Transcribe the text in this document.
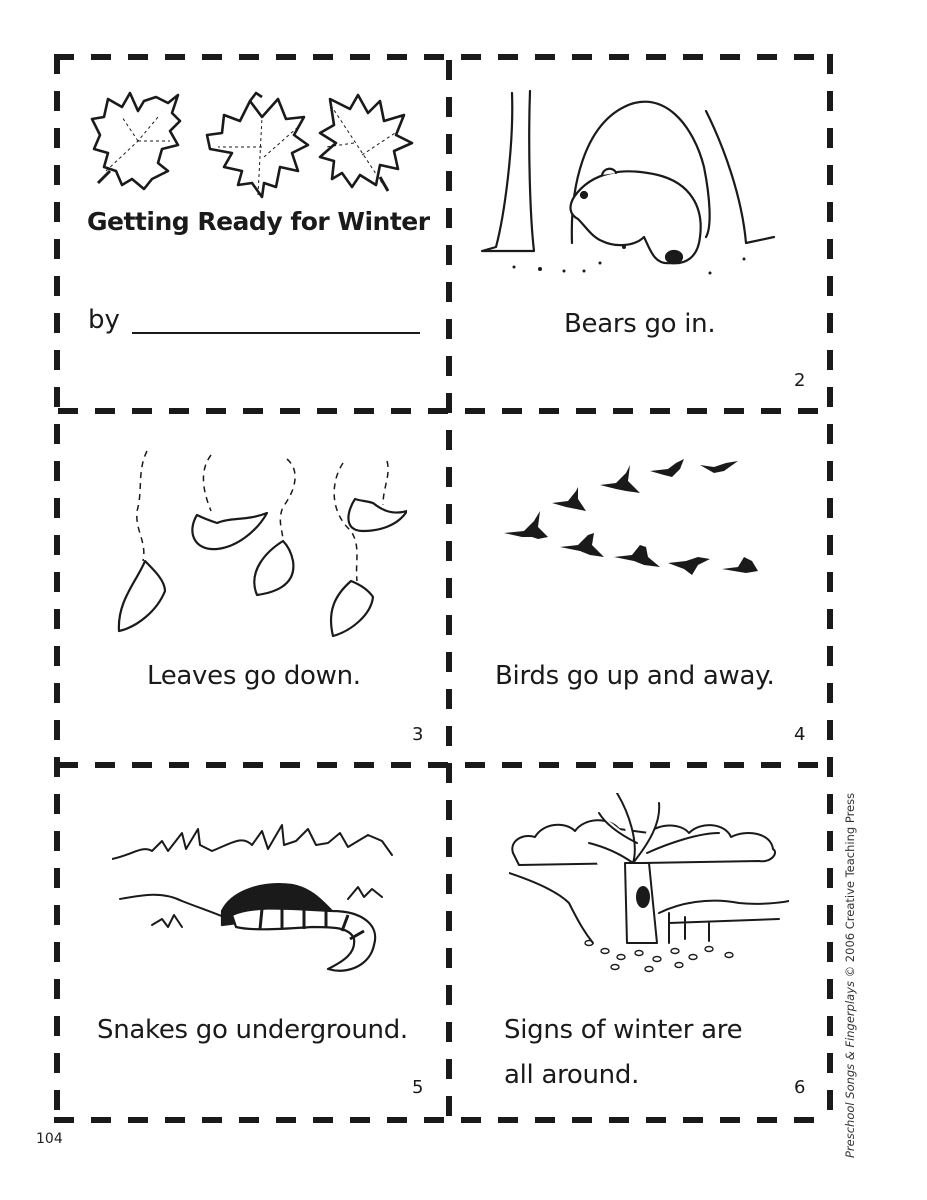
Getting Ready for Winter
by	Bears go in.
2
Leaves go down.
3
Birds go up and away.
4
Snakes go underground.
5
Signs of winter are
all around.	6
104	Preschool Songs & Fingerplays © 2006 Creative Teaching Press
